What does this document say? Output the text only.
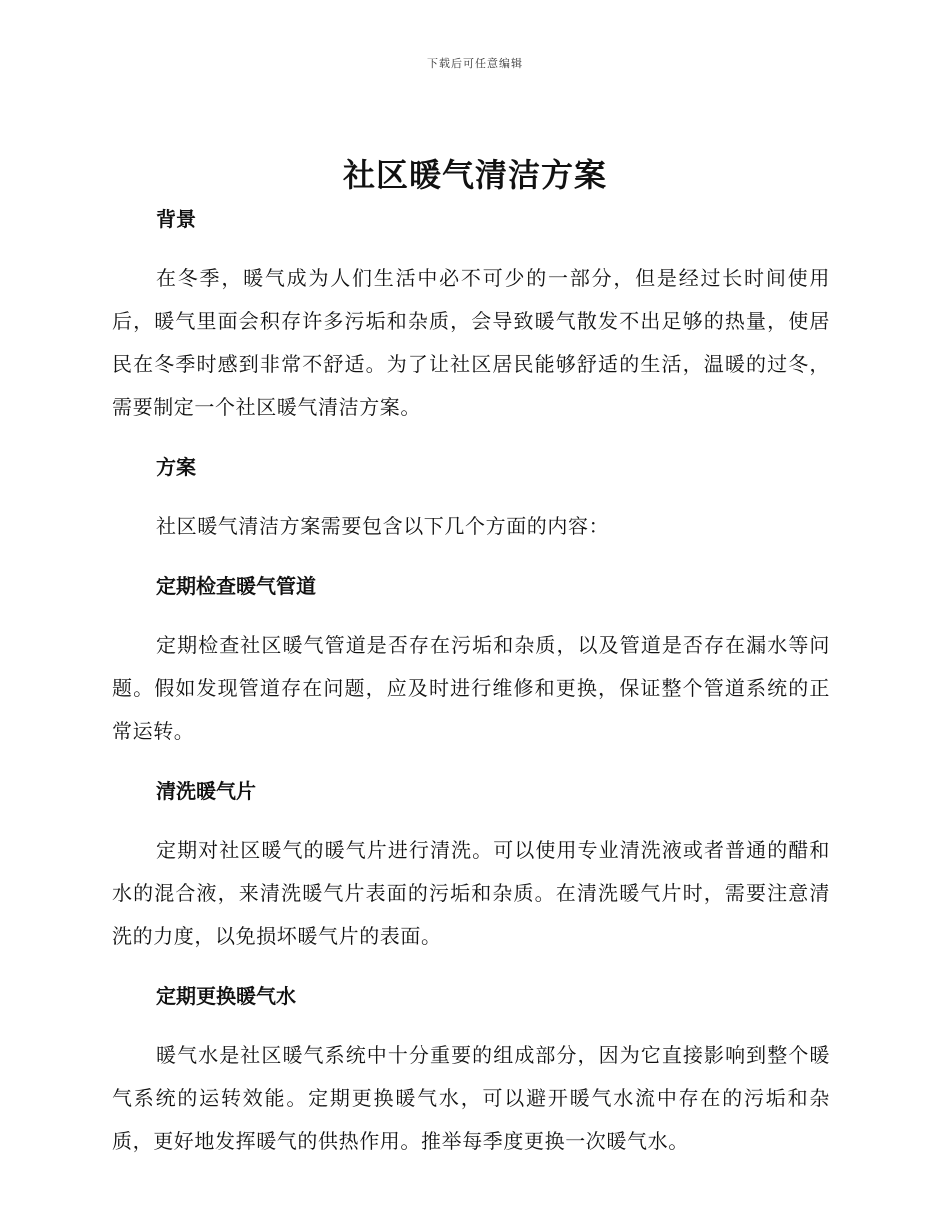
下载后可任意编辑
社区暖气清洁方案
背景

在冬季，暖气成为人们生活中必不可少的一部分，但是经过长时间使用后，暖气里面会积存许多污垢和杂质，会导致暖气散发不出足够的热量，使居民在冬季时感到非常不舒适。为了让社区居民能够舒适的生活，温暖的过冬，需要制定一个社区暖气清洁方案。

方案

社区暖气清洁方案需要包含以下几个方面的内容：

定期检查暖气管道

定期检查社区暖气管道是否存在污垢和杂质，以及管道是否存在漏水等问题。假如发现管道存在问题，应及时进行维修和更换，保证整个管道系统的正常运转。

清洗暖气片

定期对社区暖气的暖气片进行清洗。可以使用专业清洗液或者普通的醋和水的混合液，来清洗暖气片表面的污垢和杂质。在清洗暖气片时，需要注意清洗的力度，以免损坏暖气片的表面。

定期更换暖气水

暖气水是社区暖气系统中十分重要的组成部分，因为它直接影响到整个暖气系统的运转效能。定期更换暖气水，可以避开暖气水流中存在的污垢和杂质，更好地发挥暖气的供热作用。推举每季度更换一次暖气水。
